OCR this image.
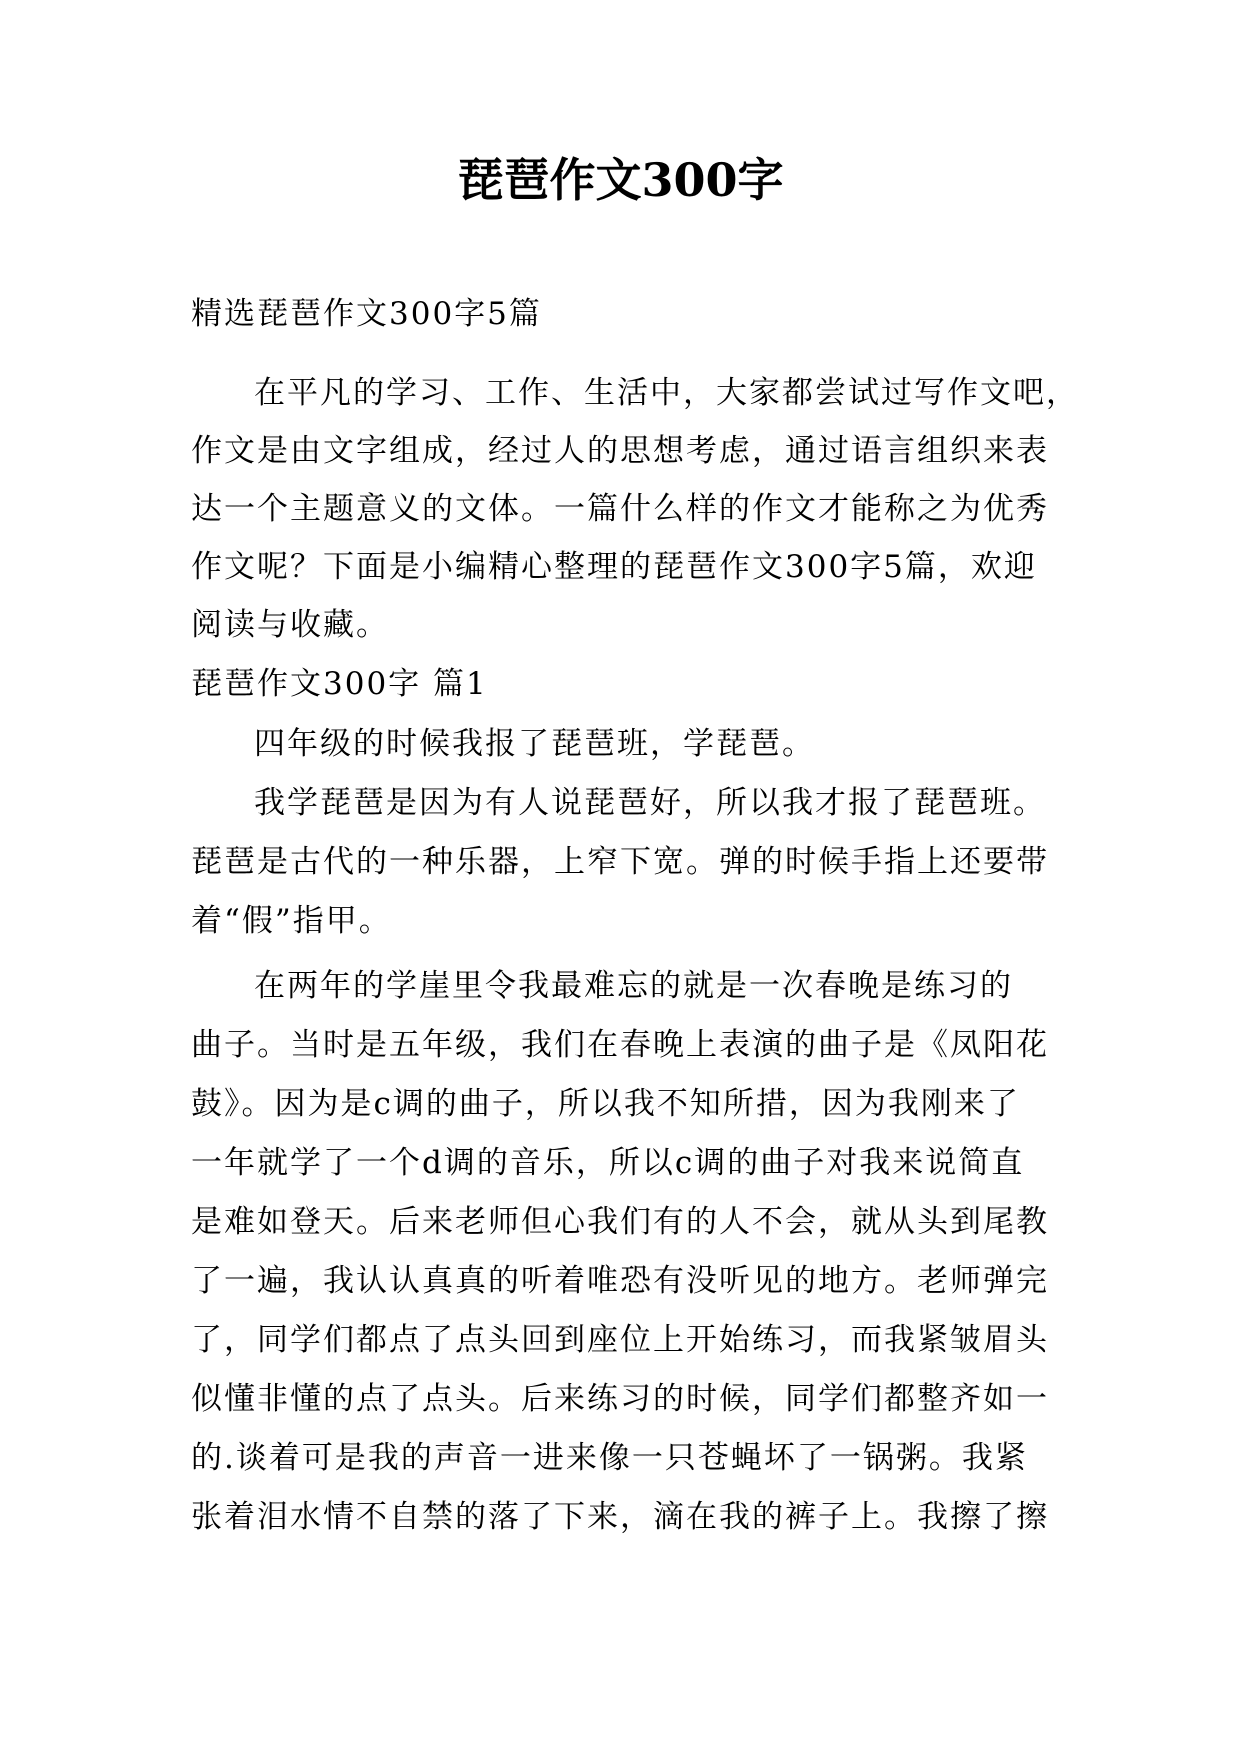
琵琶作文300字

精选琵琶作文300字5篇

在平凡的学习、工作、生活中，大家都尝试过写作文吧，

作文是由文字组成，经过人的思想考虑，通过语言组织来表

达一个主题意义的文体。一篇什么样的作文才能称之为优秀

作文呢？下面是小编精心整理的琵琶作文300字5篇，欢迎

阅读与收藏。

琵琶作文300字 篇1

四年级的时候我报了琵琶班，学琵琶。

我学琵琶是因为有人说琵琶好，所以我才报了琵琶班。

琵琶是古代的一种乐器，上窄下宽。弹的时候手指上还要带

着“假”指甲。

在两年的学崖里令我最难忘的就是一次春晚是练习的

曲子。当时是五年级，我们在春晚上表演的曲子是《凤阳花

鼓》。因为是c调的曲子，所以我不知所措，因为我刚来了

一年就学了一个d调的音乐，所以c调的曲子对我来说简直

是难如登天。后来老师但心我们有的人不会，就从头到尾教

了一遍，我认认真真的听着唯恐有没听见的地方。老师弹完

了，同学们都点了点头回到座位上开始练习，而我紧皱眉头

似懂非懂的点了点头。后来练习的时候，同学们都整齐如一

的.谈着可是我的声音一进来像一只苍蝇坏了一锅粥。我紧

张着泪水情不自禁的落了下来，滴在我的裤子上。我擦了擦
